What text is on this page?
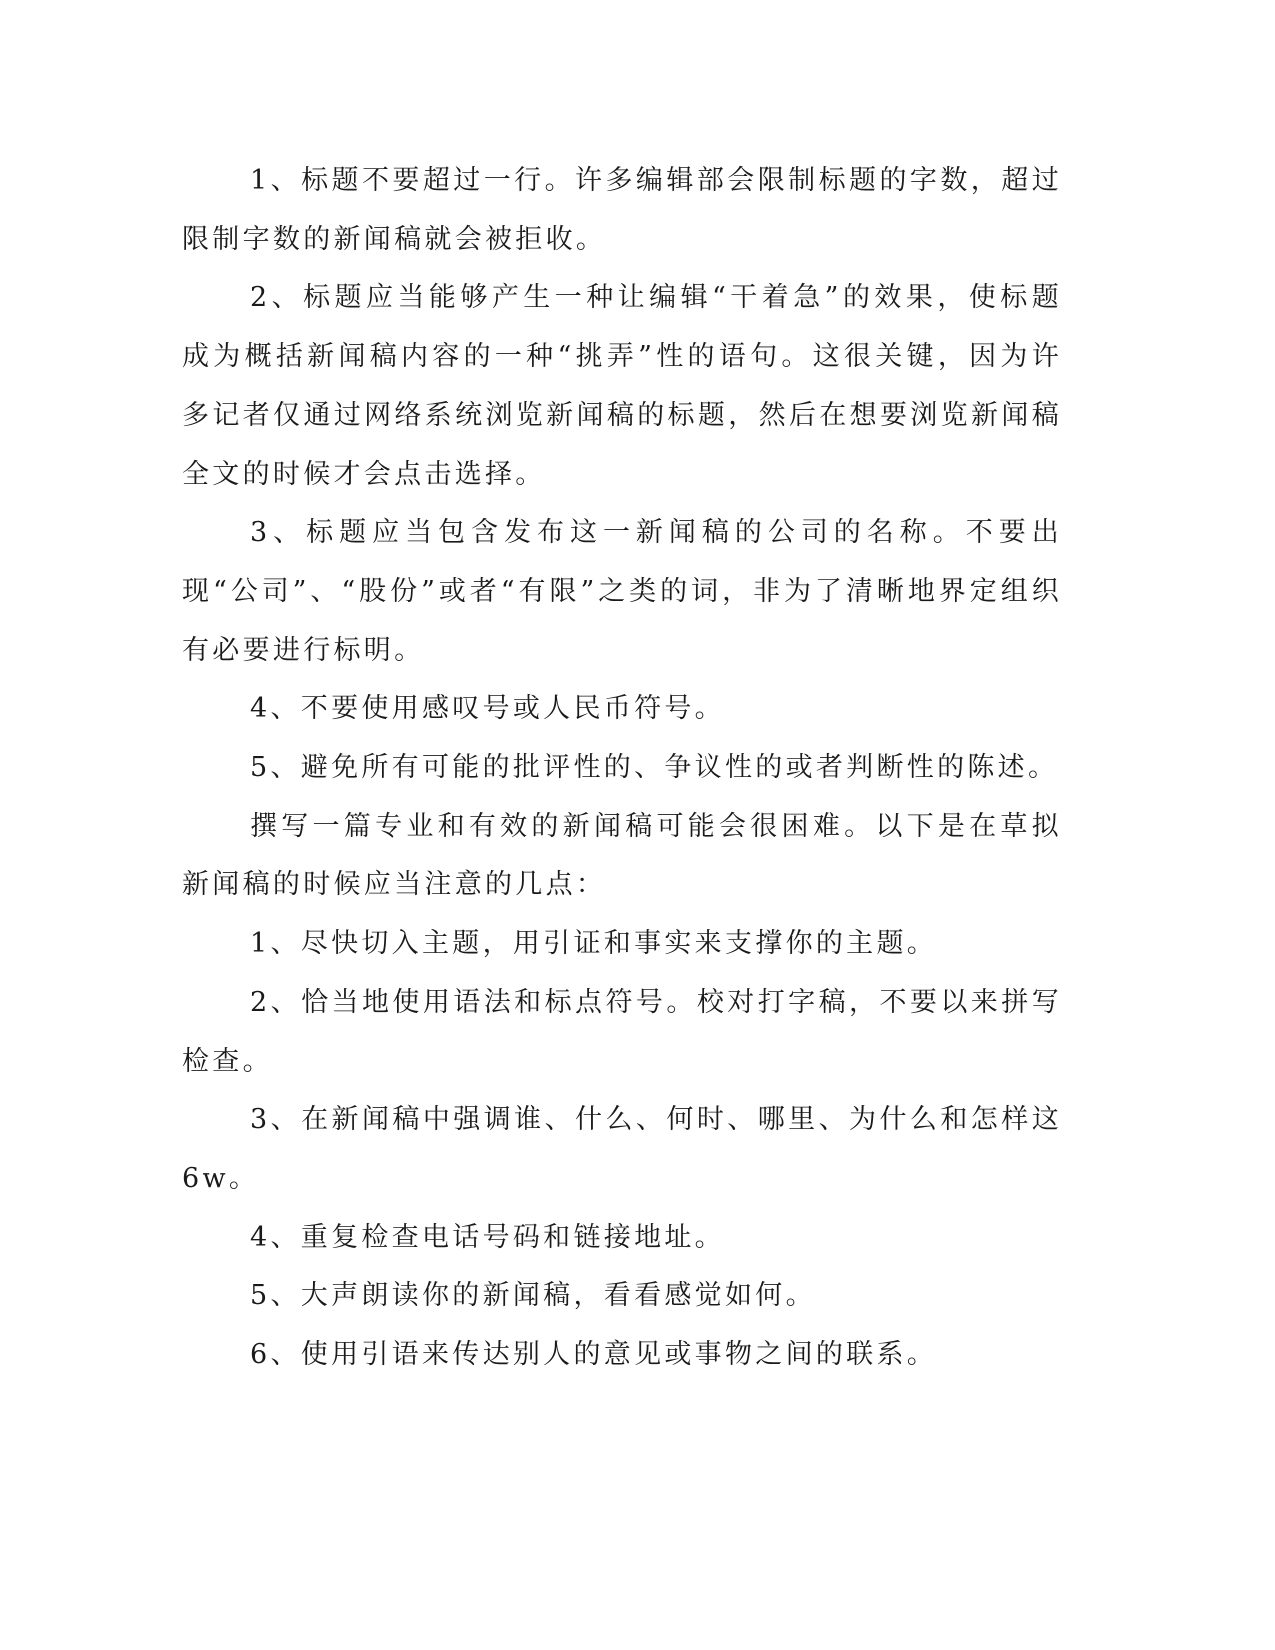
1、标题不要超过一行。许多编辑部会限制标题的字数，超过限制字数的新闻稿就会被拒收。

2、标题应当能够产生一种让编辑“干着急”的效果，使标题成为概括新闻稿内容的一种“挑弄”性的语句。这很关键，因为许多记者仅通过网络系统浏览新闻稿的标题，然后在想要浏览新闻稿全文的时候才会点击选择。

3、标题应当包含发布这一新闻稿的公司的名称。不要出现“公司”、“股份”或者“有限”之类的词，非为了清晰地界定组织有必要进行标明。

4、不要使用感叹号或人民币符号。

5、避免所有可能的批评性的、争议性的或者判断性的陈述。

撰写一篇专业和有效的新闻稿可能会很困难。以下是在草拟新闻稿的时候应当注意的几点：

1、尽快切入主题，用引证和事实来支撑你的主题。

2、恰当地使用语法和标点符号。校对打字稿，不要以来拼写检查。

3、在新闻稿中强调谁、什么、何时、哪里、为什么和怎样这6w。

4、重复检查电话号码和链接地址。

5、大声朗读你的新闻稿，看看感觉如何。

6、使用引语来传达别人的意见或事物之间的联系。
